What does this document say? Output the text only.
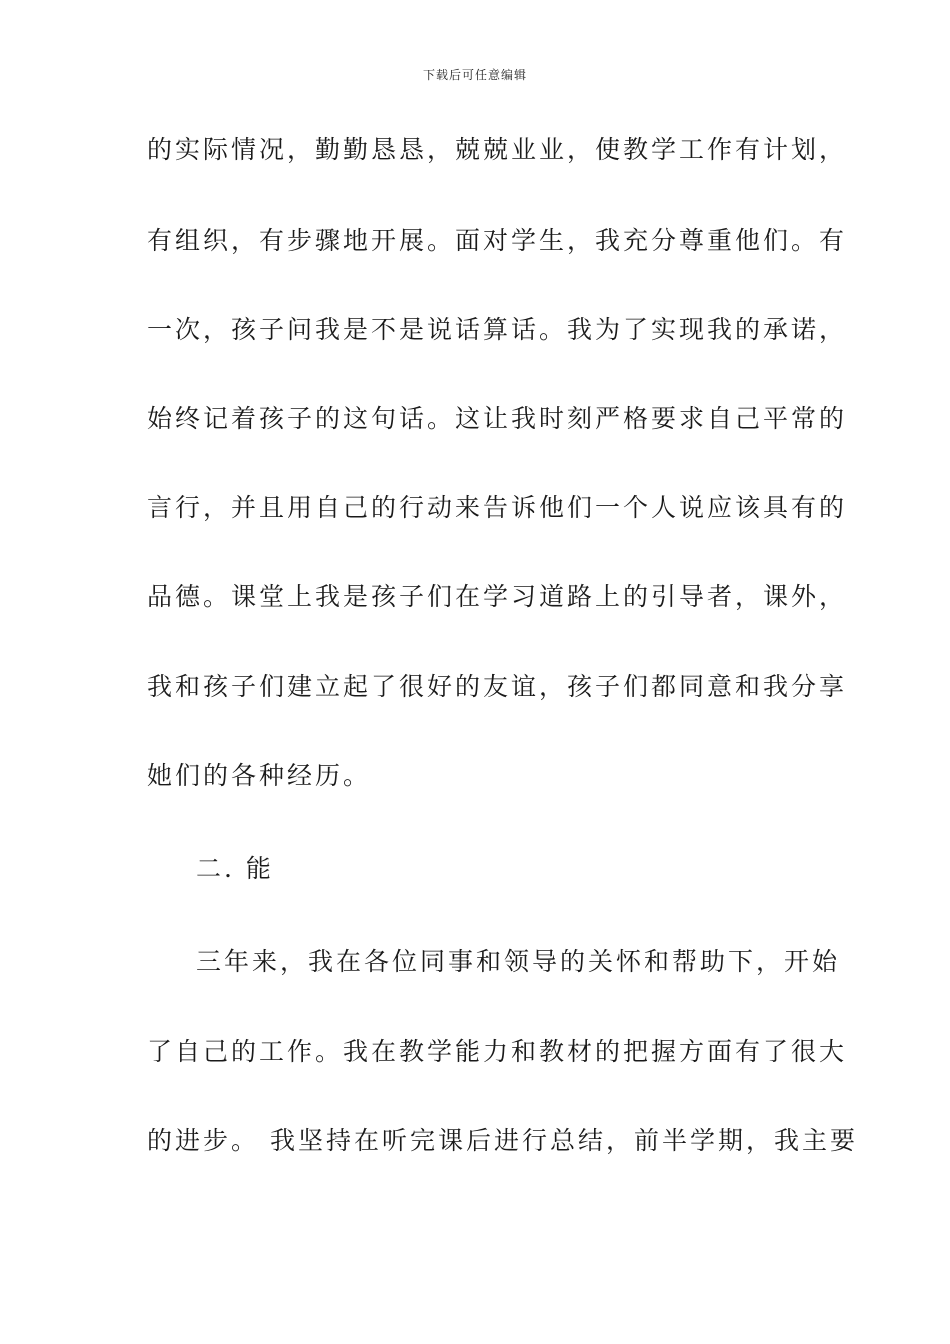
下载后可任意编辑
的实际情况，勤勤恳恳，兢兢业业，使教学工作有计划，
有组织，有步骤地开展。面对学生，我充分尊重他们。有
一次，孩子问我是不是说话算话。我为了实现我的承诺，
始终记着孩子的这句话。这让我时刻严格要求自己平常的
言行，并且用自己的行动来告诉他们一个人说应该具有的
品德。课堂上我是孩子们在学习道路上的引导者，课外，
我和孩子们建立起了很好的友谊，孩子们都同意和我分享
她们的各种经历。
二. 能
三年来，我在各位同事和领导的关怀和帮助下，开始
了自己的工作。我在教学能力和教材的把握方面有了很大
的进步。 我坚持在听完课后进行总结，前半学期，我主要
